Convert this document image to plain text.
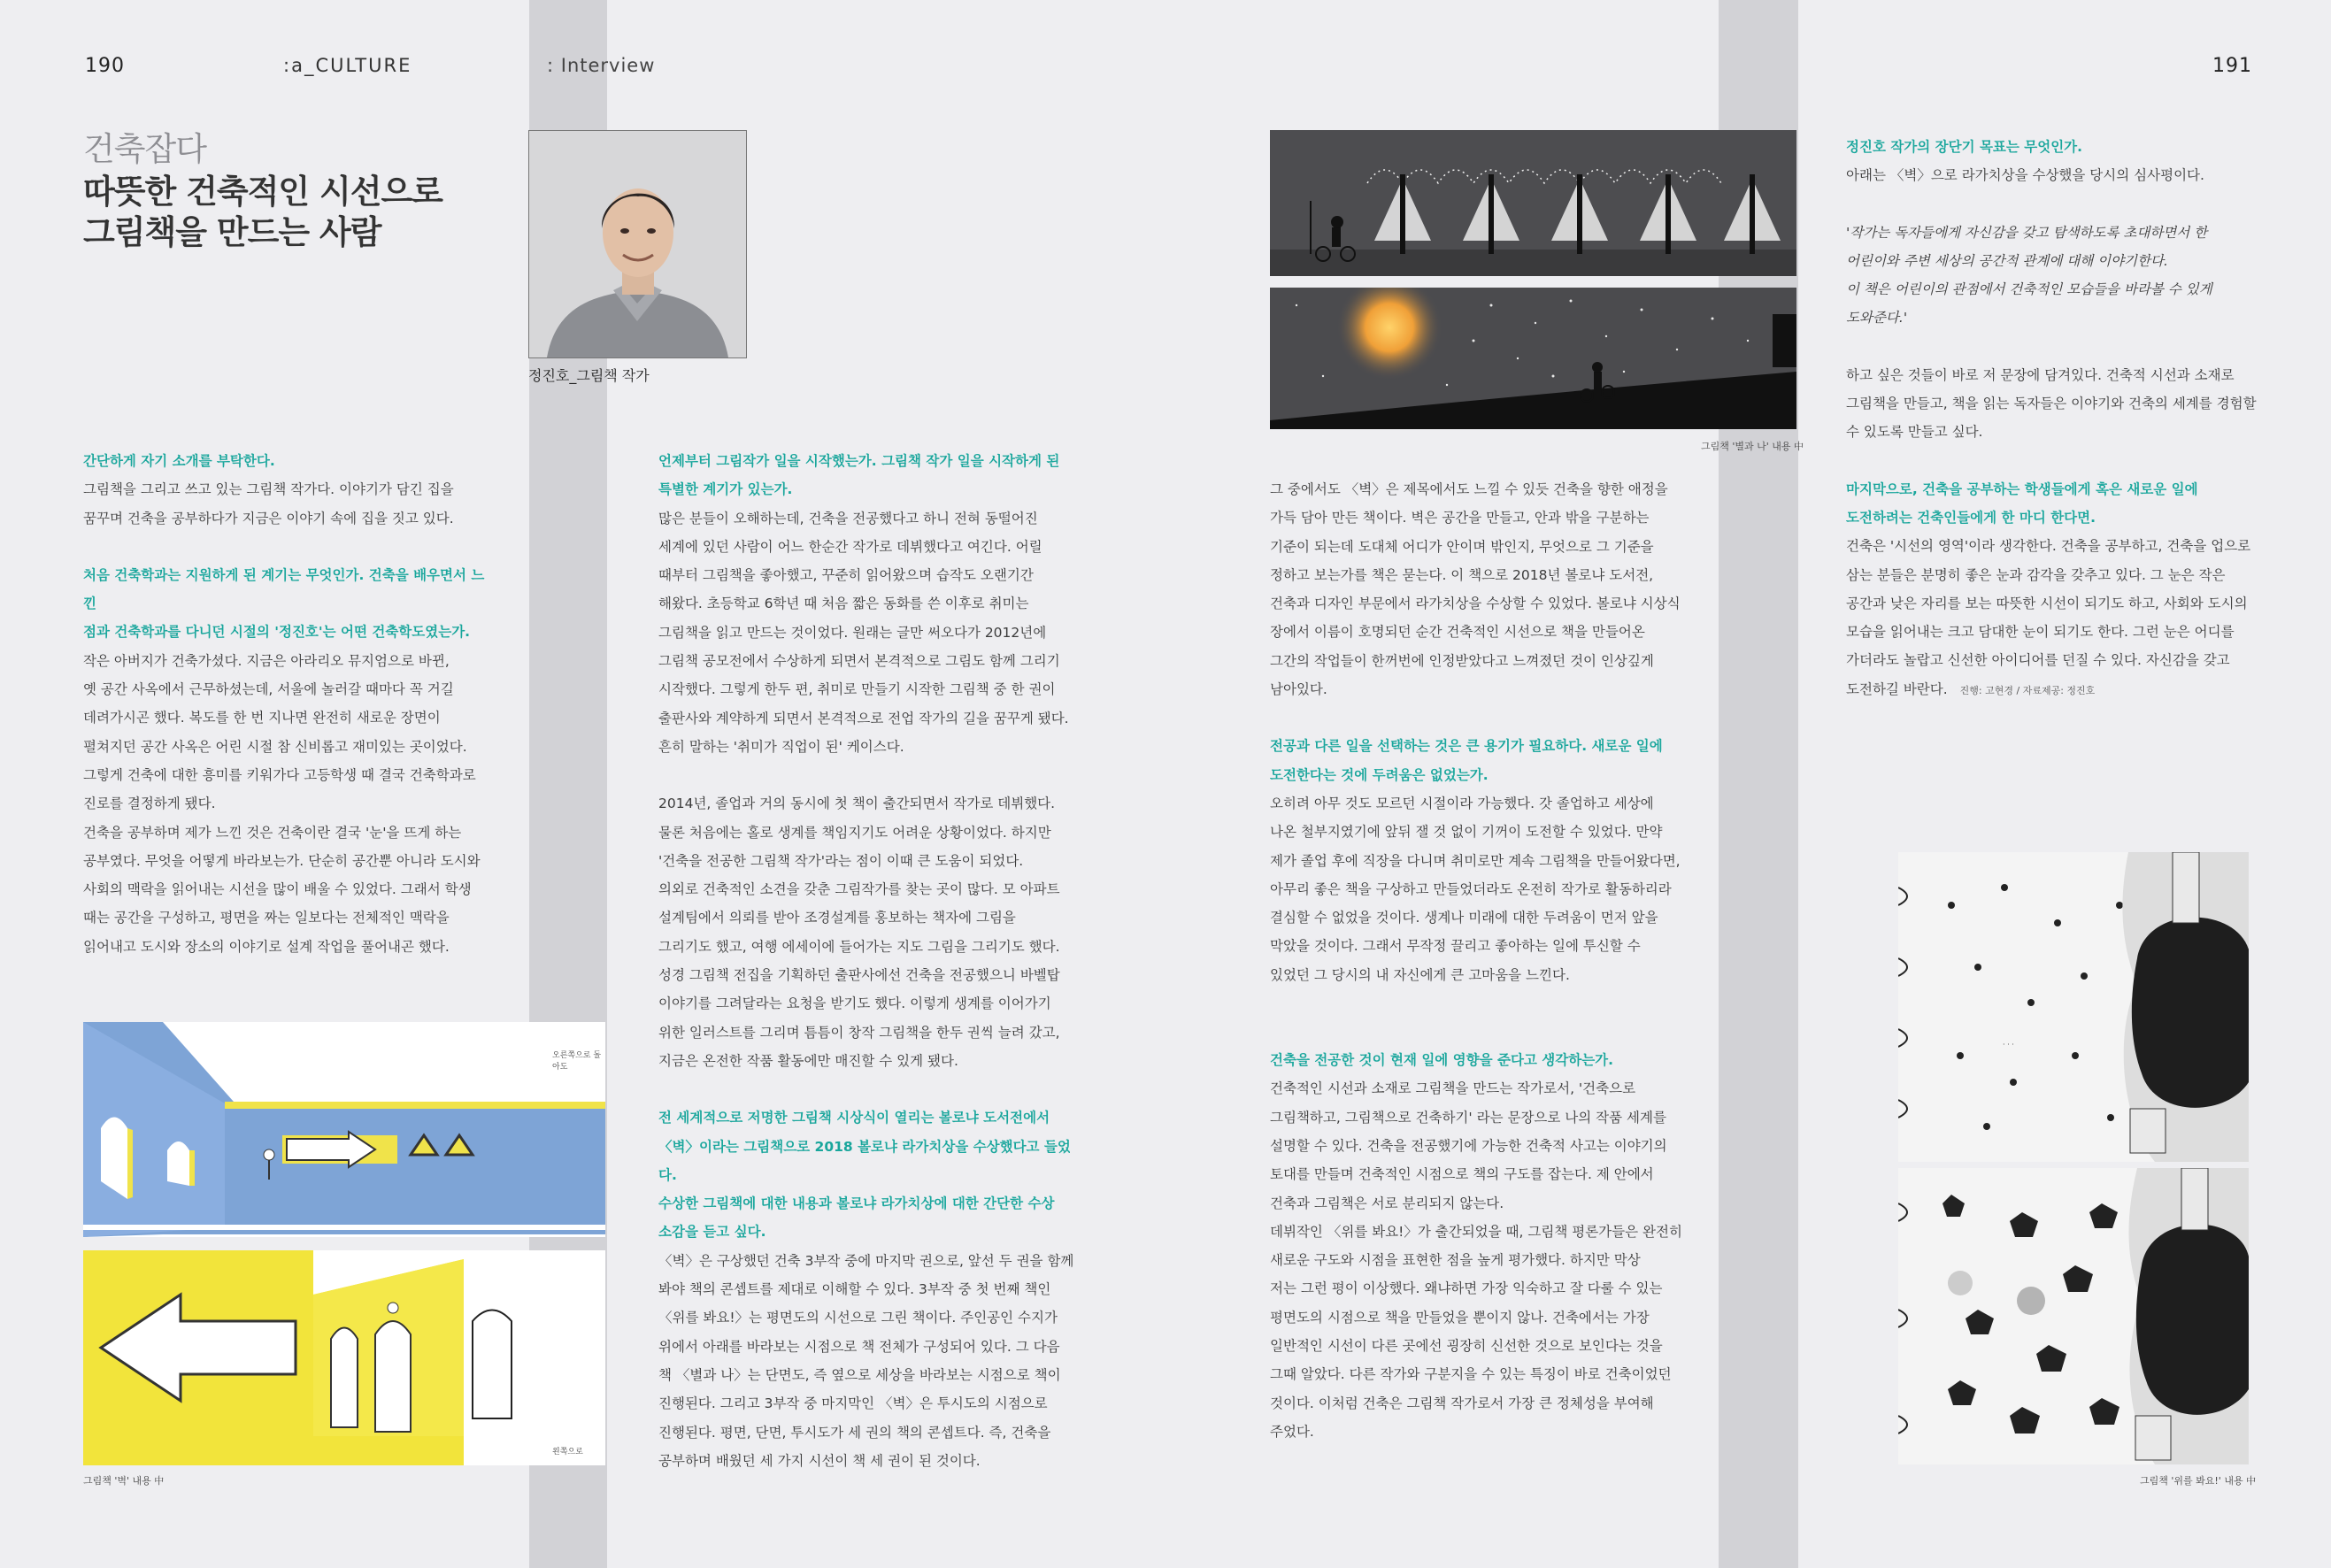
190	:a_CULTURE	: Interview	191
건축잡다
따뜻한 건축적인 시선으로
그림책을 만드는 사람
정진호_그림책 작가

간단하게 자기 소개를 부탁한다.

그림책을 그리고 쓰고 있는 그림책 작가다. 이야기가 담긴 집을

꿈꾸며 건축을 공부하다가 지금은 이야기 속에 집을 짓고 있다.

처음 건축학과는 지원하게 된 계기는 무엇인가. 건축을 배우면서 느낀

점과 건축학과를 다니던 시절의 '정진호'는 어떤 건축학도였는가.

작은 아버지가 건축가셨다. 지금은 아라리오 뮤지엄으로 바뀐,

옛 공간 사옥에서 근무하셨는데, 서울에 놀러갈 때마다 꼭 거길

데려가시곤 했다. 복도를 한 번 지나면 완전히 새로운 장면이

펼쳐지던 공간 사옥은 어린 시절 참 신비롭고 재미있는 곳이었다.

그렇게 건축에 대한 흥미를 키워가다 고등학생 때 결국 건축학과로

진로를 결정하게 됐다.

건축을 공부하며 제가 느낀 것은 건축이란 결국 '눈'을 뜨게 하는

공부였다. 무엇을 어떻게 바라보는가. 단순히 공간뿐 아니라 도시와

사회의 맥락을 읽어내는 시선을 많이 배울 수 있었다. 그래서 학생

때는 공간을 구성하고, 평면을 짜는 일보다는 전체적인 맥락을

읽어내고 도시와 장소의 이야기로 설계 작업을 풀어내곤 했다.

오른쪽으로 돌아도
왼쪽으로
그림책 '벽' 내용 中

언제부터 그림작가 일을 시작했는가. 그림책 작가 일을 시작하게 된

특별한 계기가 있는가.

많은 분들이 오해하는데, 건축을 전공했다고 하니 전혀 동떨어진

세계에 있던 사람이 어느 한순간 작가로 데뷔했다고 여긴다. 어릴

때부터 그림책을 좋아했고, 꾸준히 읽어왔으며 습작도 오랜기간

해왔다. 초등학교 6학년 때 처음 짧은 동화를 쓴 이후로 취미는

그림책을 읽고 만드는 것이었다. 원래는 글만 써오다가 2012년에

그림책 공모전에서 수상하게 되면서 본격적으로 그림도 함께 그리기

시작했다. 그렇게 한두 편, 취미로 만들기 시작한 그림책 중 한 권이

출판사와 계약하게 되면서 본격적으로 전업 작가의 길을 꿈꾸게 됐다.

흔히 말하는 '취미가 직업이 된' 케이스다.

2014년, 졸업과 거의 동시에 첫 책이 출간되면서 작가로 데뷔했다.

물론 처음에는 홀로 생계를 책임지기도 어려운 상황이었다. 하지만

'건축을 전공한 그림책 작가'라는 점이 이때 큰 도움이 되었다.

의외로 건축적인 소견을 갖춘 그림작가를 찾는 곳이 많다. 모 아파트

설계팀에서 의뢰를 받아 조경설계를 홍보하는 책자에 그림을

그리기도 했고, 여행 에세이에 들어가는 지도 그림을 그리기도 했다.

성경 그림책 전집을 기획하던 출판사에선 건축을 전공했으니 바벨탑

이야기를 그려달라는 요청을 받기도 했다. 이렇게 생계를 이어가기

위한 일러스트를 그리며 틈틈이 창작 그림책을 한두 권씩 늘려 갔고,

지금은 온전한 작품 활동에만 매진할 수 있게 됐다.

전 세계적으로 저명한 그림책 시상식이 열리는 볼로냐 도서전에서

〈벽〉이라는 그림책으로 2018 볼로냐 라가치상을 수상했다고 들었다.

수상한 그림책에 대한 내용과 볼로냐 라가치상에 대한 간단한 수상

소감을 듣고 싶다.

〈벽〉은 구상했던 건축 3부작 중에 마지막 권으로, 앞선 두 권을 함께

봐야 책의 콘셉트를 제대로 이해할 수 있다. 3부작 중 첫 번째 책인

〈위를 봐요!〉는 평면도의 시선으로 그린 책이다. 주인공인 수지가

위에서 아래를 바라보는 시점으로 책 전체가 구성되어 있다. 그 다음

책 〈별과 나〉는 단면도, 즉 옆으로 세상을 바라보는 시점으로 책이

진행된다. 그리고 3부작 중 마지막인 〈벽〉은 투시도의 시점으로

진행된다. 평면, 단면, 투시도가 세 권의 책의 콘셉트다. 즉, 건축을

공부하며 배웠던 세 가지 시선이 책 세 권이 된 것이다.

그림책 '별과 나' 내용 中

그 중에서도 〈벽〉은 제목에서도 느낄 수 있듯 건축을 향한 애정을

가득 담아 만든 책이다. 벽은 공간을 만들고, 안과 밖을 구분하는

기준이 되는데 도대체 어디가 안이며 밖인지, 무엇으로 그 기준을

정하고 보는가를 책은 묻는다. 이 책으로 2018년 볼로냐 도서전,

건축과 디자인 부문에서 라가치상을 수상할 수 있었다. 볼로냐 시상식

장에서 이름이 호명되던 순간 건축적인 시선으로 책을 만들어온

그간의 작업들이 한꺼번에 인정받았다고 느껴졌던 것이 인상깊게

남아있다.

전공과 다른 일을 선택하는 것은 큰 용기가 필요하다. 새로운 일에

도전한다는 것에 두려움은 없었는가.

오히려 아무 것도 모르던 시절이라 가능했다. 갓 졸업하고 세상에

나온 철부지였기에 앞뒤 잴 것 없이 기꺼이 도전할 수 있었다. 만약

제가 졸업 후에 직장을 다니며 취미로만 계속 그림책을 만들어왔다면,

아무리 좋은 책을 구상하고 만들었더라도 온전히 작가로 활동하리라

결심할 수 없었을 것이다. 생계나 미래에 대한 두려움이 먼저 앞을

막았을 것이다. 그래서 무작정 끌리고 좋아하는 일에 투신할 수

있었던 그 당시의 내 자신에게 큰 고마움을 느낀다.

건축을 전공한 것이 현재 일에 영향을 준다고 생각하는가.

건축적인 시선과 소재로 그림책을 만드는 작가로서, '건축으로

그림책하고, 그림책으로 건축하기' 라는 문장으로 나의 작품 세계를

설명할 수 있다. 건축을 전공했기에 가능한 건축적 사고는 이야기의

토대를 만들며 건축적인 시점으로 책의 구도를 잡는다. 제 안에서

건축과 그림책은 서로 분리되지 않는다.

데뷔작인 〈위를 봐요!〉가 출간되었을 때, 그림책 평론가들은 완전히

새로운 구도와 시점을 표현한 점을 높게 평가했다. 하지만 막상

저는 그런 평이 이상했다. 왜냐하면 가장 익숙하고 잘 다룰 수 있는

평면도의 시점으로 책을 만들었을 뿐이지 않나. 건축에서는 가장

일반적인 시선이 다른 곳에선 굉장히 신선한 것으로 보인다는 것을

그때 알았다. 다른 작가와 구분지을 수 있는 특징이 바로 건축이었던

것이다. 이처럼 건축은 그림책 작가로서 가장 큰 정체성을 부여해

주었다.

정진호 작가의 장단기 목표는 무엇인가.

아래는 〈벽〉으로 라가치상을 수상했을 당시의 심사평이다.

'작가는 독자들에게 자신감을 갖고 탐색하도록 초대하면서 한

어린이와 주변 세상의 공간적 관계에 대해 이야기한다.

이 책은 어린이의 관점에서 건축적인 모습들을 바라볼 수 있게

도와준다.'

하고 싶은 것들이 바로 저 문장에 담겨있다. 건축적 시선과 소재로

그림책을 만들고, 책을 읽는 독자들은 이야기와 건축의 세계를 경험할

수 있도록 만들고 싶다.

마지막으로, 건축을 공부하는 학생들에게 혹은 새로운 일에

도전하려는 건축인들에게 한 마디 한다면.

건축은 '시선의 영역'이라 생각한다. 건축을 공부하고, 건축을 업으로

삼는 분들은 분명히 좋은 눈과 감각을 갖추고 있다. 그 눈은 작은

공간과 낮은 자리를 보는 따뜻한 시선이 되기도 하고, 사회와 도시의

모습을 읽어내는 크고 담대한 눈이 되기도 한다. 그런 눈은 어디를

가더라도 놀랍고 신선한 아이디어를 던질 수 있다. 자신감을 갖고

도전하길 바란다. 진행: 고현경 / 자료제공: 정진호

· · ·
그림책 '위를 봐요!' 내용 中
